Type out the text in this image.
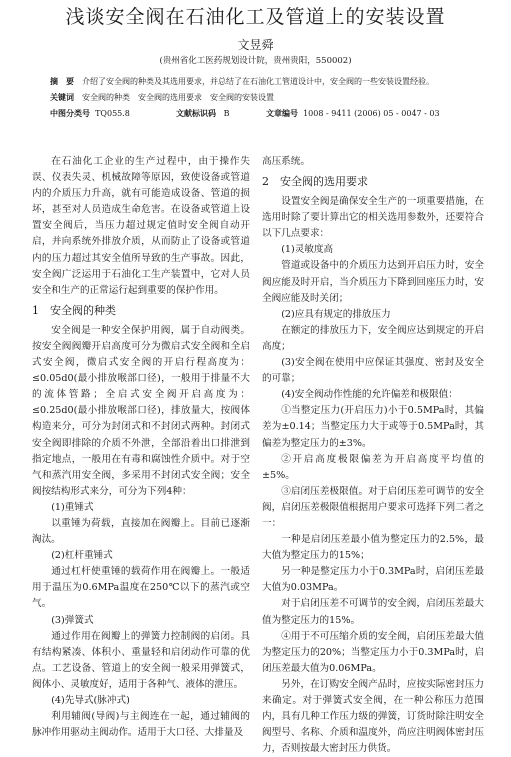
浅谈安全阀在石油化工及管道上的安装设置
文昱舜
(贵州省化工医药规划设计院，贵州贵阳，550002)
摘　要 介绍了安全阀的种类及其选用要求，并总结了在石油化工管道设计中，安全阀的一些安装设置经验。
关键词 安全阀的种类　安全阀的选用要求　安全阀的安装设置
中图分类号 TQ055.8	文献标识码 B	文章编号 1008 - 9411 (2006) 05 - 0047 - 03

在石油化工企业的生产过程中，由于操作失误、仪表失灵、机械故障等原因，致使设备或管道内的介质压力升高，就有可能造成设备、管道的损坏，甚至对人员造成生命危害。在设备或管道上设置安全阀后，当压力超过规定值时安全阀自动开启，并向系统外排放介质，从而防止了设备或管道内的压力超过其安全值所导致的生产事故。因此，安全阀广泛运用于石油化工生产装置中，它对人员安全和生产的正常运行起到重要的保护作用。

1　安全阀的种类

安全阀是一种安全保护用阀，属于自动阀类。按安全阀阀瓣开启高度可分为微启式安全阀和全启式安全阀，微启式安全阀的开启行程高度为：≤0.05d0(最小排放喉部口径)，一般用于排量不大的流体管路；全启式安全阀开启高度为：≤0.25d0(最小排放喉部口径)，排放量大，按阀体构造来分，可分为封闭式和不封闭式两种。封闭式安全阀即排除的介质不外泄，全部沿着出口排泄到指定地点，一般用在有毒和腐蚀性介质中。对于空气和蒸汽用安全阀，多采用不封闭式安全阀；安全阀按结构形式来分，可分为下列4种：

(1)重锤式

以重锤为荷载，直接加在阀瓣上。目前已逐渐淘汰。

(2)杠杆重锤式

通过杠杆使重锤的载荷作用在阀瓣上。一般适用于温压为0.6MPa温度在250℃以下的蒸汽或空气。

(3)弹簧式

通过作用在阀瓣上的弹簧力控制阀的启闭。具有结构紧凑、体积小、重量轻和启闭动作可靠的优点。工艺设备、管道上的安全阀一般采用弹簧式，阀体小、灵敏度好，适用于各种气、液体的泄压。

(4)先导式(脉冲式)

利用辅阀(导阀)与主阀连在一起，通过辅阀的脉冲作用驱动主阀动作。适用于大口径、大排量及

高压系统。

2　安全阀的选用要求

设置安全阀是确保安全生产的一项重要措施，在选用时除了要计算出它的相关选用参数外，还要符合以下几点要求：

(1)灵敏度高

管道或设备中的介质压力达到开启压力时，安全阀应能及时开启，当介质压力下降到回座压力时，安全阀应能及时关闭；

(2)应具有规定的排放压力

在额定的排放压力下，安全阀应达到规定的开启高度；

(3)安全阀在使用中应保证其强度、密封及安全的可靠；

(4)安全阀动作性能的允许偏差和极限值：

①当整定压力(开启压力)小于0.5MPa时，其偏差为±0.14；当整定压力大于或等于0.5MPa时，其偏差为整定压力的±3%。

②开启高度极限偏差为开启高度平均值的±5%。

③启闭压差极限值。对于启闭压差可调节的安全阀，启闭压差极限值根据用户要求可选择下列二者之一：

一种是启闭压差最小值为整定压力的2.5%，最大值为整定压力的15%；

另一种是整定压力小于0.3MPa时，启闭压差最大值为0.03MPa。

对于启闭压差不可调节的安全阀，启闭压差最大值为整定压力的15%。

④用于不可压缩介质的安全阀，启闭压差最大值为整定压力的20%；当整定压力小于0.3MPa时，启闭压差最大值为0.06MPa。

另外，在订购安全阀产品时，应按实际密封压力来确定。对于弹簧式安全阀，在一种公称压力范围内，具有几种工作压力级的弹簧，订货时除注明安全阀型号、名称、介质和温度外，尚应注明阀体密封压力，否则按最大密封压力供货。
